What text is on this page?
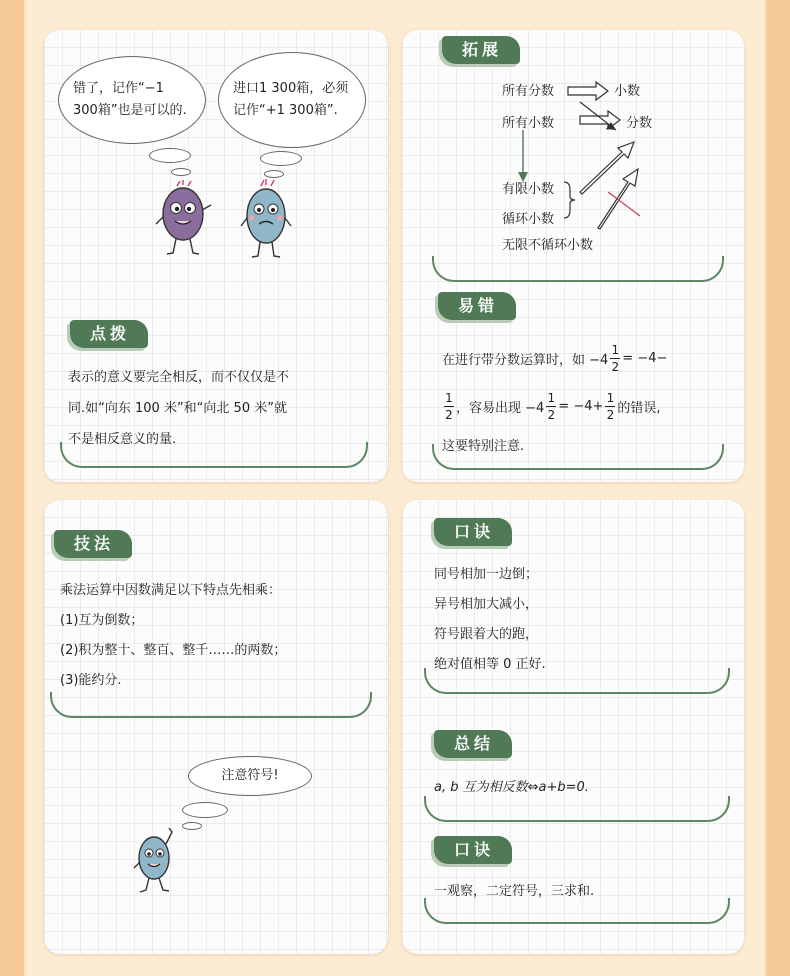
错了，记作“−1 300箱”也是可以的.
进口1 300箱，必须记作“+1 300箱”.
点拨
表示的意义要完全相反，而不仅仅是不
同.如“向东 100 米”和“向北 50 米”就
不是相反意义的量.
拓展
所有分数	小数
所有小数	分数
有限小数
循环小数
无限不循环小数
易错
在进行带分数运算时，如 $-4 \frac{1}{2} = -4-$
$\frac{1}{2}$ ，容易出现 $-4 \frac{1}{2} = -4+ \frac{1}{2}$ 的错误,
这要特别注意.
技法
乘法运算中因数满足以下特点先相乘：
(1)互为倒数；
(2)积为整十、整百、整千……的两数；
(3)能约分.
注意符号!
口诀
同号相加一边倒；
异号相加大减小，
符号跟着大的跑，
绝对值相等 0 正好.
总结
a, b 互为相反数⇔a+b=0.
口诀
一观察，二定符号，三求和.
